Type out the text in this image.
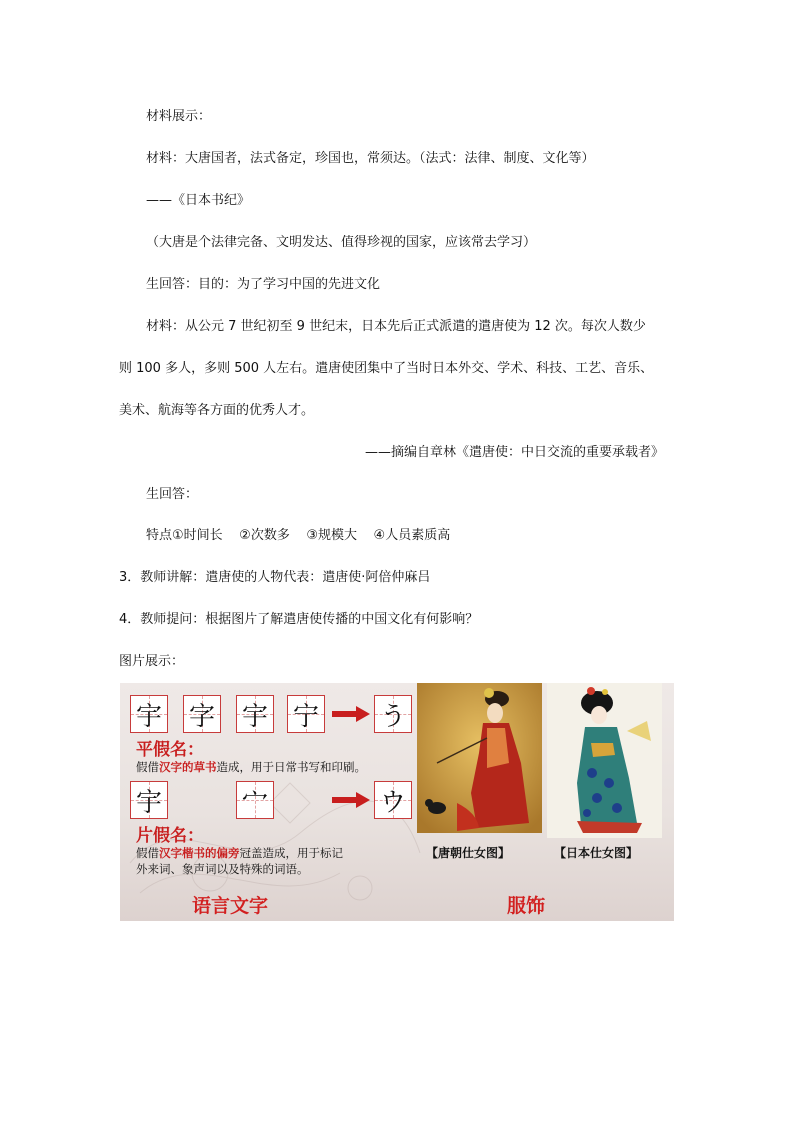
材料展示：
材料：大唐国者，法式备定，珍国也，常须达。（法式：法律、制度、文化等）
——《日本书纪》
（大唐是个法律完备、文明发达、值得珍视的国家，应该常去学习）
生回答：目的：为了学习中国的先进文化
材料：从公元 7 世纪初至 9 世纪末，日本先后正式派遣的遣唐使为 12 次。每次人数少
则 100 多人，多则 500 人左右。遣唐使团集中了当时日本外交、学术、科技、工艺、音乐、
美术、航海等各方面的优秀人才。
——摘编自章林《遣唐使：中日交流的重要承载者》
生回答：
特点①时间长    ②次数多    ③规模大    ④人员素质高
3．教师讲解：遣唐使的人物代表：遣唐使·阿倍仲麻吕
4．教师提问：根据图片了解遣唐使传播的中国文化有何影响？
图片展示：
宇 字 宇 宁 う
平假名：
假借汉字的草书造成，用于日常书写和印刷。
宇	宀	ウ
片假名：
假借汉字楷书的偏旁冠盖造成，用于标记
外来词、象声词以及特殊的词语。
语言文字	服饰
【唐朝仕女图】	【日本仕女图】
